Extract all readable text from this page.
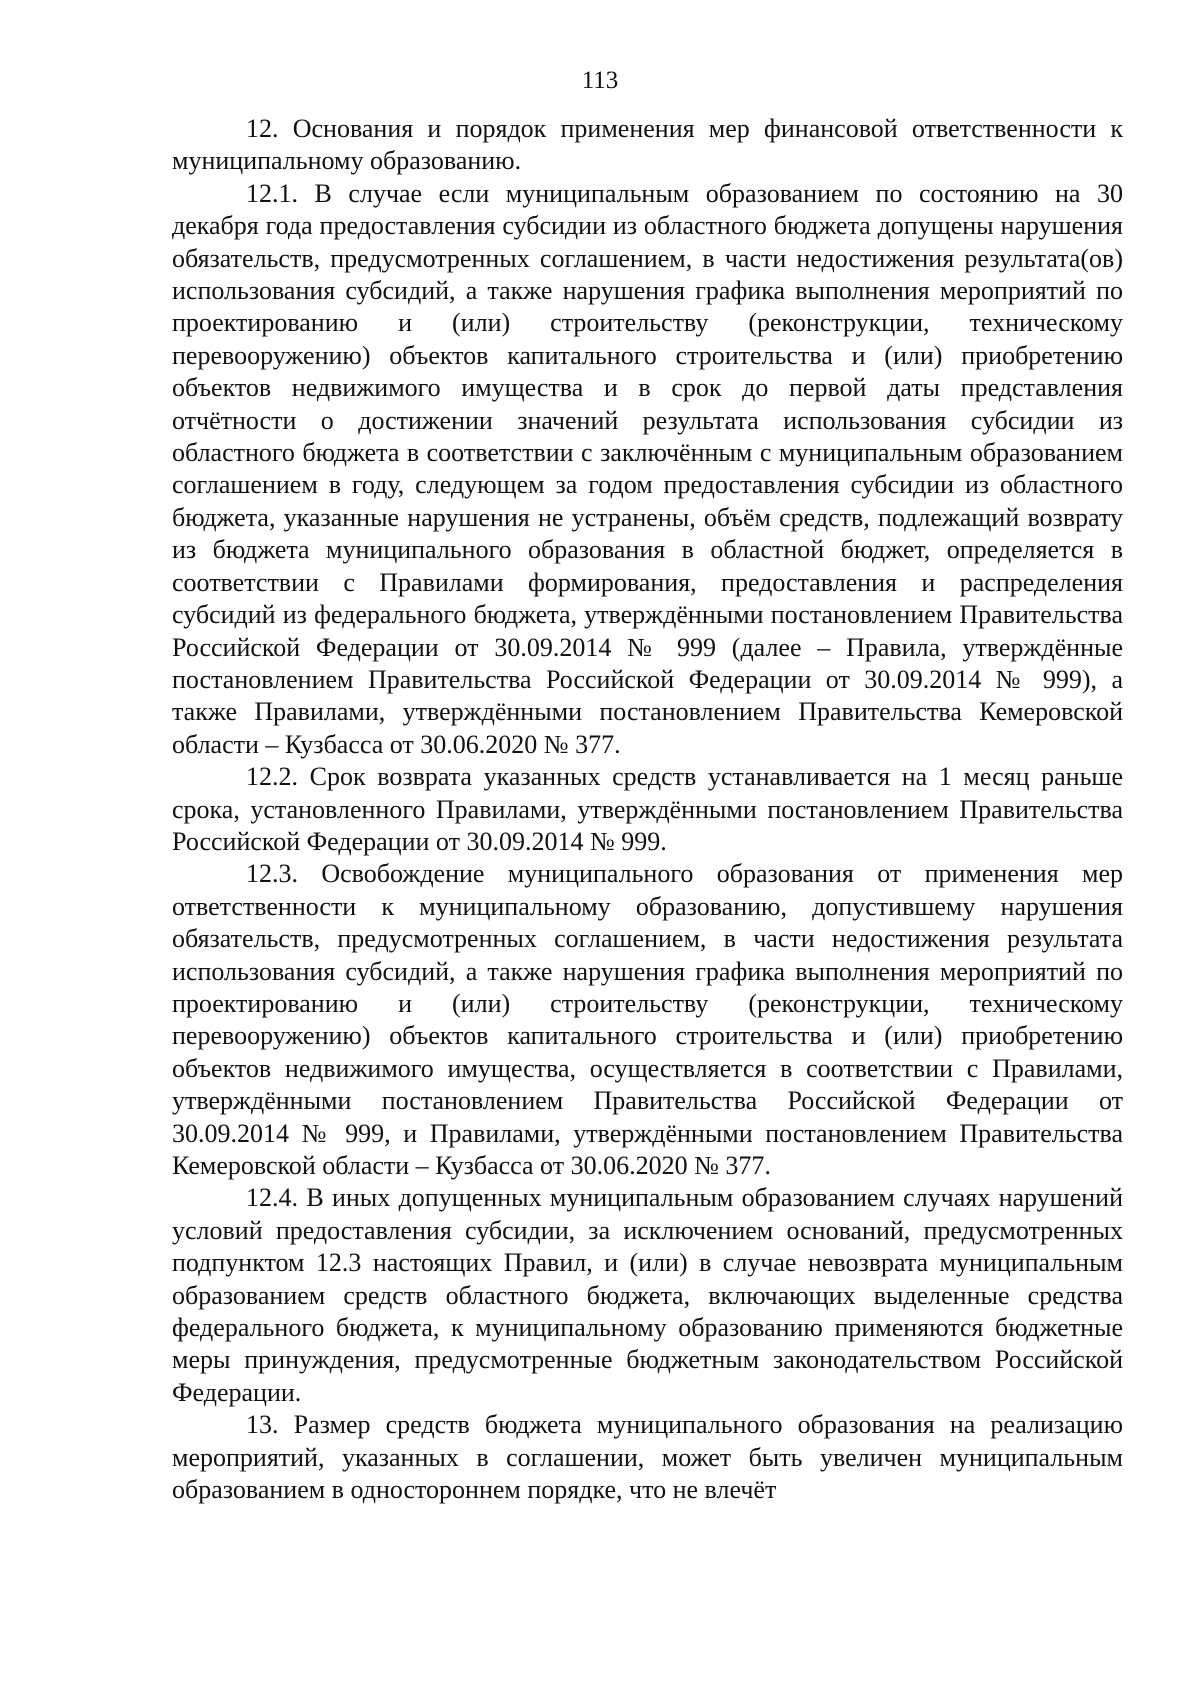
113

12. Основания и порядок применения мер финансовой ответственности к муниципальному образованию.

12.1. В случае если муниципальным образованием по состоянию на 30 декабря года предоставления субсидии из областного бюджета допущены нарушения обязательств, предусмотренных соглашением, в части недостижения результата(ов) использования субсидий, а также нарушения графика выполнения мероприятий по проектированию и (или) строительству (реконструкции, техническому перевооружению) объектов капитального строительства и (или) приобретению объектов недвижимого имущества и в срок до первой даты представления отчётности о достижении значений результата использования субсидии из областного бюджета в соответствии с заключённым с муниципальным образованием соглашением в году, следующем за годом предоставления субсидии из областного бюджета, указанные нарушения не устранены, объём средств, подлежащий возврату из бюджета муниципального образования в областной бюджет, определяется в соответствии с Правилами формирования, предоставления и распределения субсидий из федерального бюджета, утверждёнными постановлением Правительства Российской Федерации от 30.09.2014 № 999 (далее – Правила, утверждённые постановлением Правительства Российской Федерации от 30.09.2014 № 999), а также Правилами, утверждёнными постановлением Правительства Кемеровской области – Кузбасса от 30.06.2020 № 377.

12.2. Срок возврата указанных средств устанавливается на 1 месяц раньше срока, установленного Правилами, утверждёнными постановлением Правительства Российской Федерации от 30.09.2014 № 999.

12.3. Освобождение муниципального образования от применения мер ответственности к муниципальному образованию, допустившему нарушения обязательств, предусмотренных соглашением, в части недостижения результата использования субсидий, а также нарушения графика выполнения мероприятий по проектированию и (или) строительству (реконструкции, техническому перевооружению) объектов капитального строительства и (или) приобретению объектов недвижимого имущества, осуществляется в соответствии с Правилами, утверждёнными постановлением Правительства Российской Федерации от 30.09.2014 № 999, и Правилами, утверждёнными постановлением Правительства Кемеровской области – Кузбасса от 30.06.2020 № 377.

12.4. В иных допущенных муниципальным образованием случаях нарушений условий предоставления субсидии, за исключением оснований, предусмотренных подпунктом 12.3 настоящих Правил, и (или) в случае невозврата муниципальным образованием средств областного бюджета, включающих выделенные средства федерального бюджета, к муниципальному образованию применяются бюджетные меры принуждения, предусмотренные бюджетным законодательством Российской Федерации.

13. Размер средств бюджета муниципального образования на реализацию мероприятий, указанных в соглашении, может быть увеличен муниципальным образованием в одностороннем порядке, что не влечёт
